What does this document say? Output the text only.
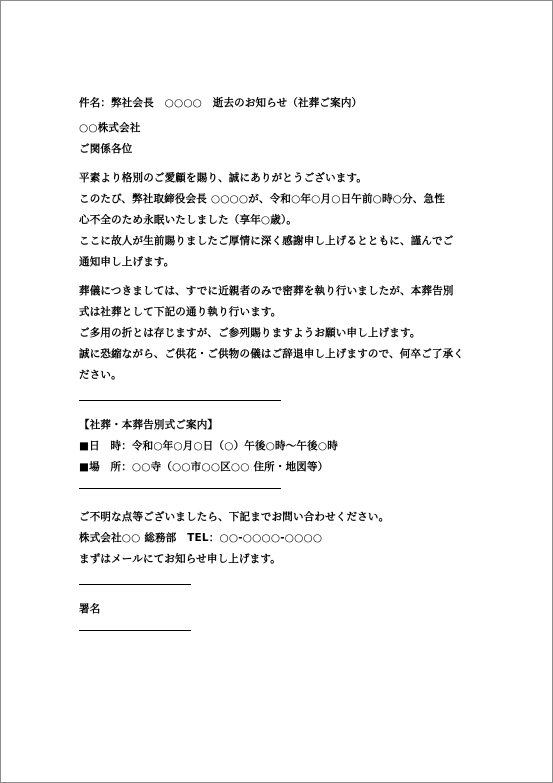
件名：弊社会長　○○○○　逝去のお知らせ（社葬ご案内）
○○株式会社
ご関係各位
平素より格別のご愛顧を賜り、誠にありがとうございます。
このたび、弊社取締役会長 ○○○○が、令和○年○月○日午前○時○分、急性
心不全のため永眠いたしました（享年○歳）。
ここに故人が生前賜りましたご厚情に深く感謝申し上げるとともに、謹んでご
通知申し上げます。
葬儀につきましては、すでに近親者のみで密葬を執り行いましたが、本葬告別
式は社葬として下記の通り執り行います。
ご多用の折とは存じますが、ご参列賜りますようお願い申し上げます。
誠に恐縮ながら、ご供花・ご供物の儀はご辞退申し上げますので、何卒ご了承く
ださい。
【社葬・本葬告別式ご案内】
■日　時：令和○年○月○日（○）午後○時～午後○時
■場　所：○○寺（○○市○○区○○ 住所・地図等）
ご不明な点等ございましたら、下記までお問い合わせください。
株式会社○○ 総務部　TEL：○○-○○○○-○○○○
まずはメールにてお知らせ申し上げます。
署名
